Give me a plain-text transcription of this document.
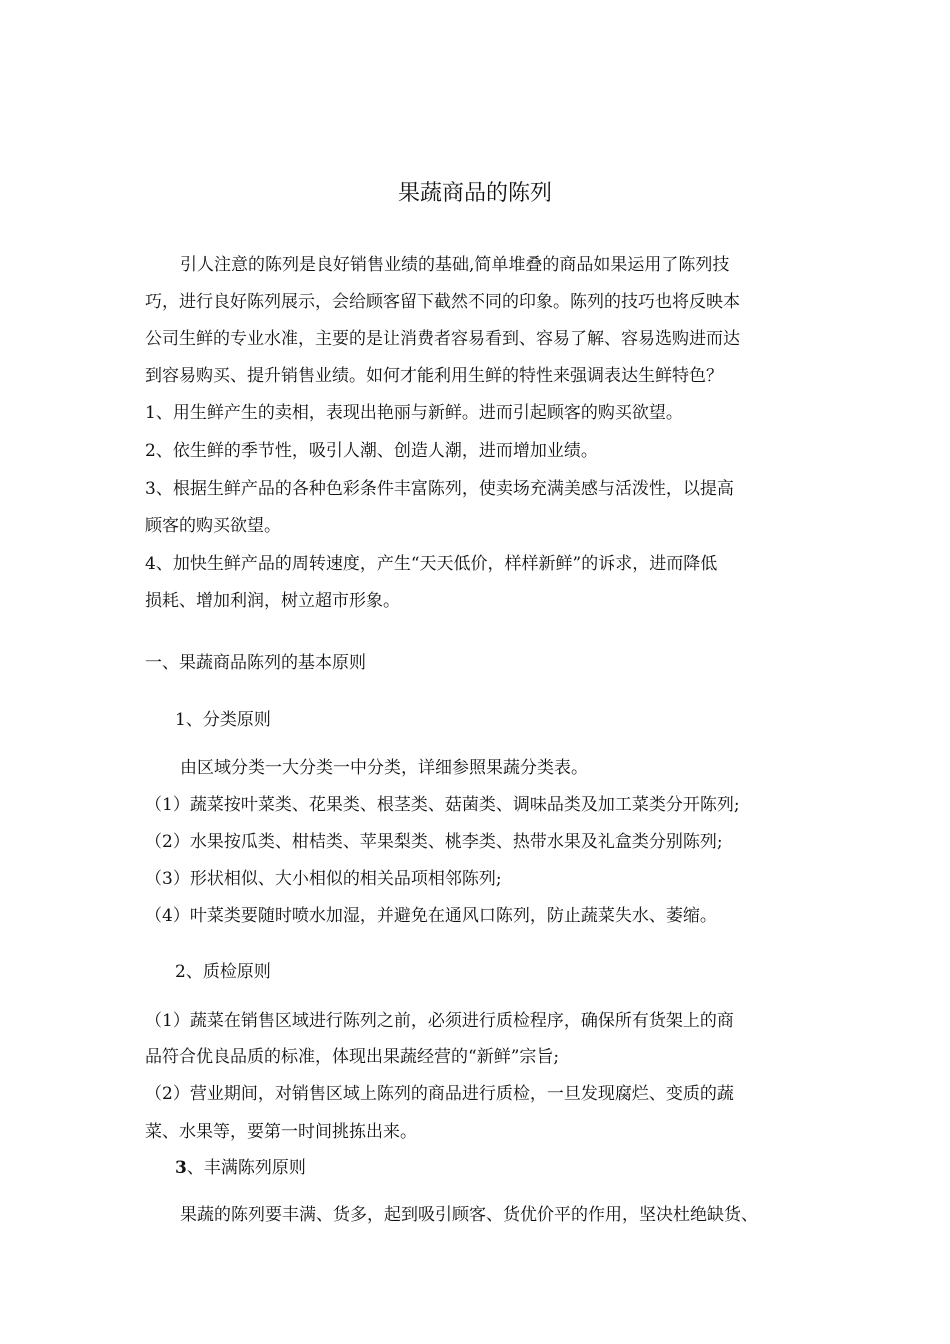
果蔬商品的陈列
引人注意的陈列是良好销售业绩的基础,简单堆叠的商品如果运用了陈列技
巧，进行良好陈列展示，会给顾客留下截然不同的印象。陈列的技巧也将反映本
公司生鲜的专业水准，主要的是让消费者容易看到、容易了解、容易选购进而达
到容易购买、提升销售业绩。如何才能利用生鲜的特性来强调表达生鲜特色？
1、用生鲜产生的卖相，表现出艳丽与新鲜。进而引起顾客的购买欲望。
2、依生鲜的季节性，吸引人潮、创造人潮，进而增加业绩。
3、根据生鲜产品的各种色彩条件丰富陈列，使卖场充满美感与活泼性，以提高
顾客的购买欲望。
4、加快生鲜产品的周转速度，产生“天天低价，样样新鲜”的诉求，进而降低
损耗、增加利润，树立超市形象。
一、果蔬商品陈列的基本原则
1、分类原则
由区域分类一大分类一中分类，详细参照果蔬分类表。
（1）蔬菜按叶菜类、花果类、根茎类、菇菌类、调味品类及加工菜类分开陈列;
（2）水果按瓜类、柑桔类、苹果梨类、桃李类、热带水果及礼盒类分别陈列;
（3）形状相似、大小相似的相关品项相邻陈列;
（4）叶菜类要随时喷水加湿，并避免在通风口陈列，防止蔬菜失水、萎缩。
2、质检原则
（1）蔬菜在销售区域进行陈列之前，必须进行质检程序，确保所有货架上的商
品符合优良品质的标准，体现出果蔬经营的“新鲜”宗旨;
（2）营业期间，对销售区域上陈列的商品进行质检，一旦发现腐烂、变质的蔬
菜、水果等，要第一时间挑拣出来。
3、丰满陈列原则
果蔬的陈列要丰满、货多，起到吸引顾客、货优价平的作用，坚决杜绝缺货、
